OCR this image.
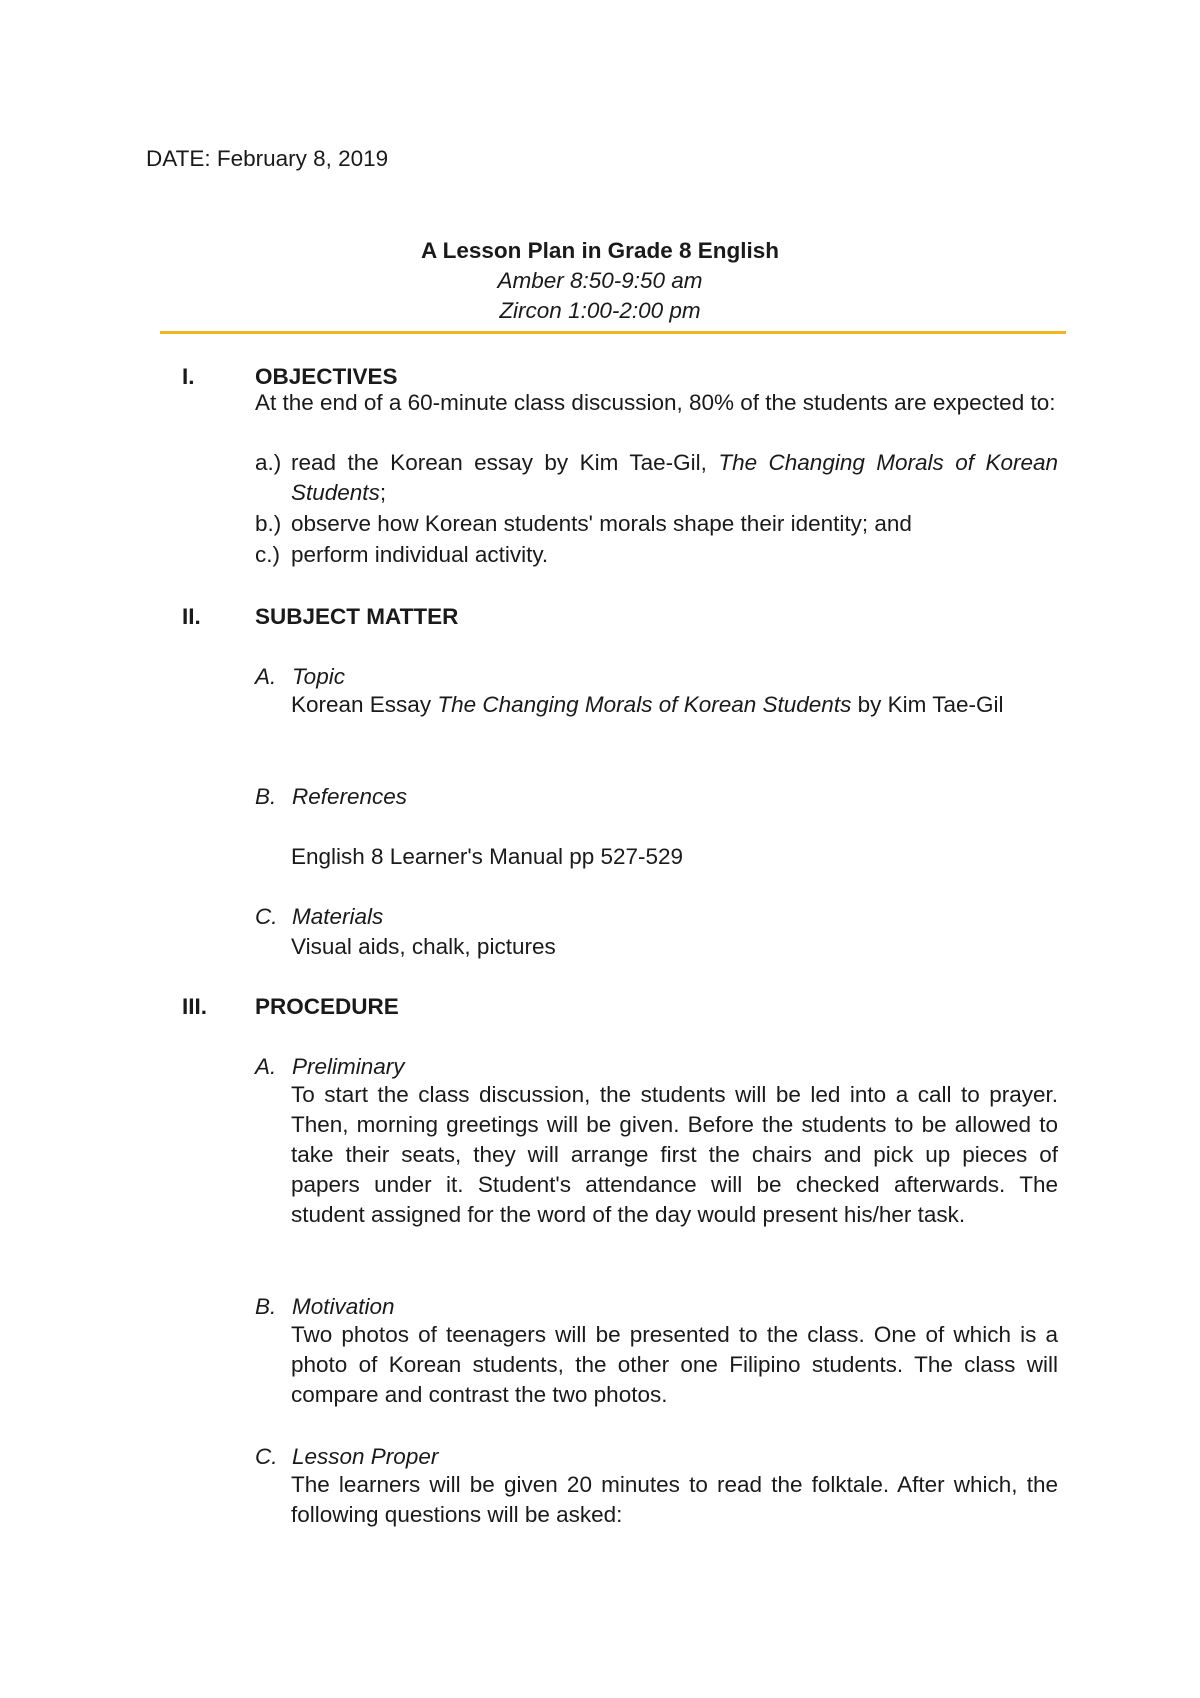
DATE: February 8, 2019
A Lesson Plan in Grade 8 English
Amber 8:50-9:50 am
Zircon 1:00-2:00 pm
I.	OBJECTIVES
At the end of a 60-minute class discussion, 80% of the students are expected to:
a.) read the Korean essay by Kim Tae-Gil, The Changing Morals of Korean Students;
b.) observe how Korean students' morals shape their identity; and
c.) perform individual activity.
II. SUBJECT MATTER
A. Topic
Korean Essay The Changing Morals of Korean Students by Kim Tae-Gil
B. References
English 8 Learner's Manual pp 527-529
C. Materials
Visual aids, chalk, pictures
III. PROCEDURE
A. Preliminary
To start the class discussion, the students will be led into a call to prayer. Then, morning greetings will be given. Before the students to be allowed to take their seats, they will arrange first the chairs and pick up pieces of papers under it. Student's attendance will be checked afterwards. The student assigned for the word of the day would present his/her task.
B. Motivation
Two photos of teenagers will be presented to the class. One of which is a photo of Korean students, the other one Filipino students. The class will compare and contrast the two photos.
C. Lesson Proper
The learners will be given 20 minutes to read the folktale. After which, the following questions will be asked:
